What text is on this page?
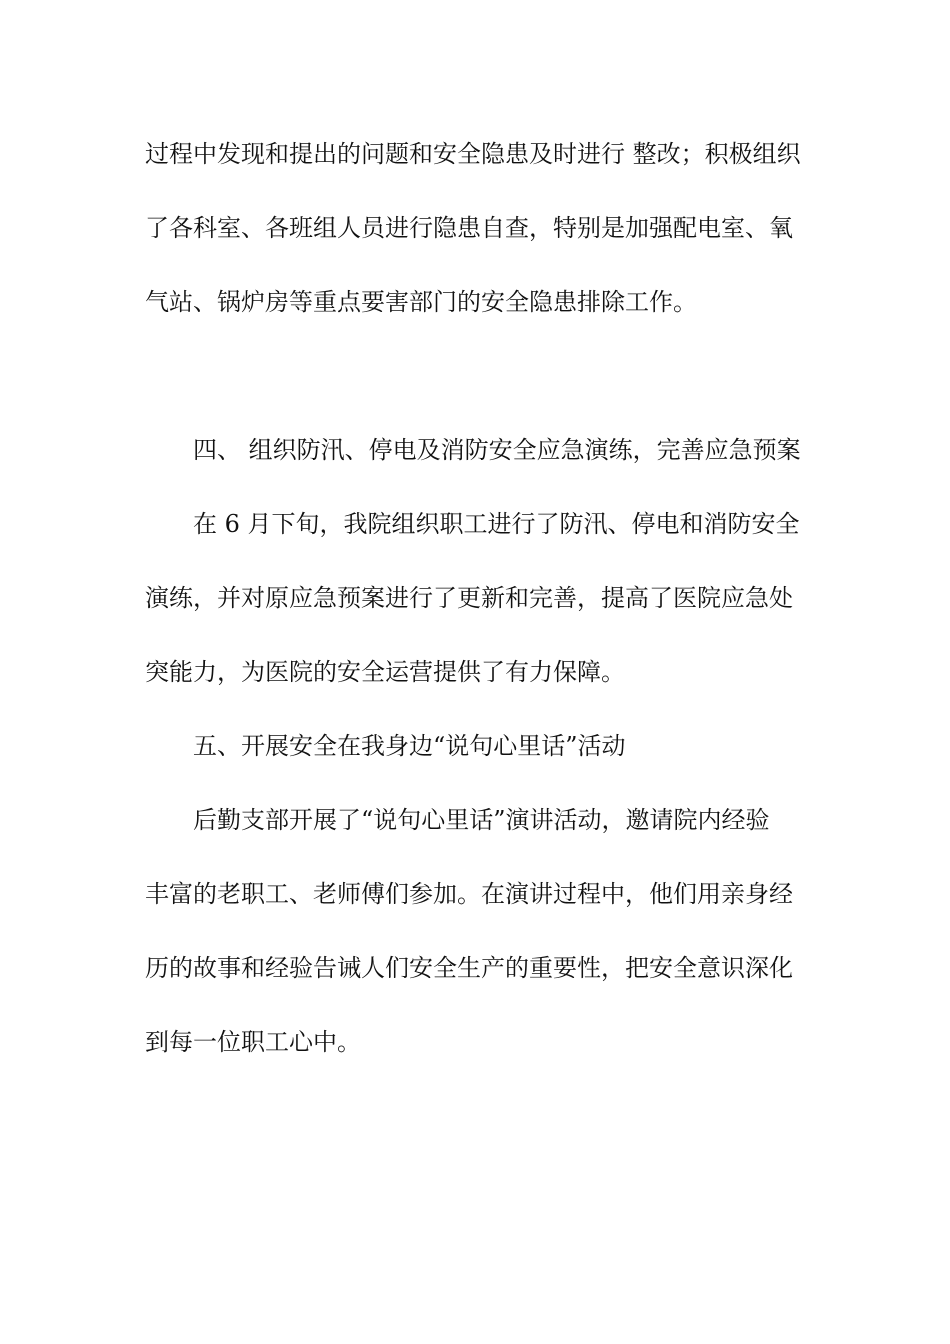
过程中发现和提出的问题和安全隐患及时进行 整改；积极组织
了各科室、各班组人员进行隐患自查，特别是加强配电室、氧
气站、锅炉房等重点要害部门的安全隐患排除工作。
四、 组织防汛、停电及消防安全应急演练，完善应急预案
在 6 月下旬，我院组织职工进行了防汛、停电和消防安全
演练，并对原应急预案进行了更新和完善，提高了医院应急处
突能力，为医院的安全运营提供了有力保障。
五、开展安全在我身边“说句心里话”活动
后勤支部开展了“说句心里话”演讲活动，邀请院内经验
丰富的老职工、老师傅们参加。在演讲过程中，他们用亲身经
历的故事和经验告诫人们安全生产的重要性，把安全意识深化
到每一位职工心中。
